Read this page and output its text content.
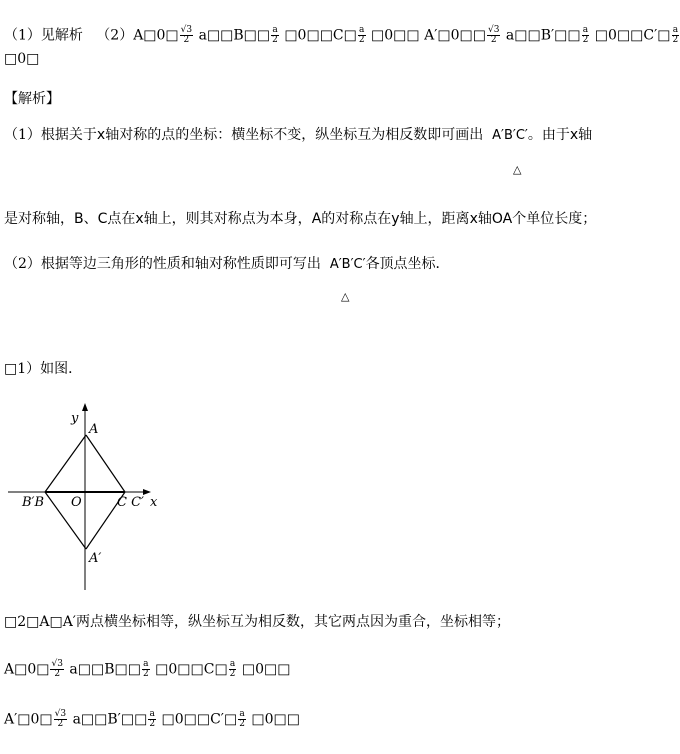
（1）见解析 （2）A□0□ $\frac{√3}{2}$ a□□B□□ $\frac{a}{2}$ □0□□C□ $\frac{a}{2}$ □0□□ A′□0□□ $\frac{√3}{2}$ a□□B′□□ $\frac{a}{2}$ □0□□C′□ $\frac{a}{2}$
□0□
【解析】
（1）根据关于x轴对称的点的坐标：横坐标不变，纵坐标互为相反数即可画出 A′B′C′。由于x轴
△
是对称轴，B、C点在x轴上，则其对称点为本身，A的对称点在y轴上，距离x轴OA个单位长度；
（2）根据等边三角形的性质和轴对称性质即可写出 A′B′C′各顶点坐标．
△
□1）如图．
y
A
B′B O	C C′ x
A′
□2□A□A′两点横坐标相等，纵坐标互为相反数，其它两点因为重合，坐标相等；
A□0□ $\frac{√3}{2}$ a□□B□□ $\frac{a}{2}$ □0□□C□ $\frac{a}{2}$ □0□□
A′□0□ $\frac{√3}{2}$ a□□B′□□ $\frac{a}{2}$ □0□□C′□ $\frac{a}{2}$ □0□□
